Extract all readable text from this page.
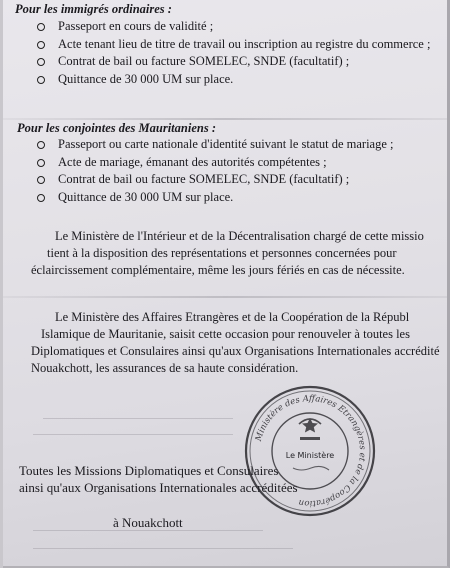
Pour les immigrés ordinaires :
Passeport en cours de validité ;
Acte tenant lieu de titre de travail ou inscription au registre du commerce ;
Contrat de bail ou facture SOMELEC, SNDE (facultatif) ;
Quittance de 30 000 UM sur place.
Pour les conjointes des Mauritaniens :
Passeport ou carte nationale d'identité suivant le statut de mariage ;
Acte de mariage, émanant des autorités compétentes ;
Contrat de bail ou facture SOMELEC, SNDE (facultatif) ;
Quittance de 30 000 UM sur place.
Le Ministère de l'Intérieur et de la Décentralisation chargé de cette missio
tient à la disposition des représentations et personnes concernées pour
éclaircissement complémentaire, même les jours fériés en cas de nécessite.
Le Ministère des Affaires Etrangères et de la Coopération de la Républ
Islamique de Mauritanie, saisit cette occasion pour renouveler à toutes les
Diplomatiques et Consulaires ainsi qu'aux Organisations Internationales accrédité
Nouakchott, les assurances de sa haute considération.
Ministère des Affaires Etrangères et de la Coopération
Le Ministère
Toutes les Missions Diplomatiques et Consulaires
ainsi qu'aux Organisations Internationales accréditées
à Nouakchott
